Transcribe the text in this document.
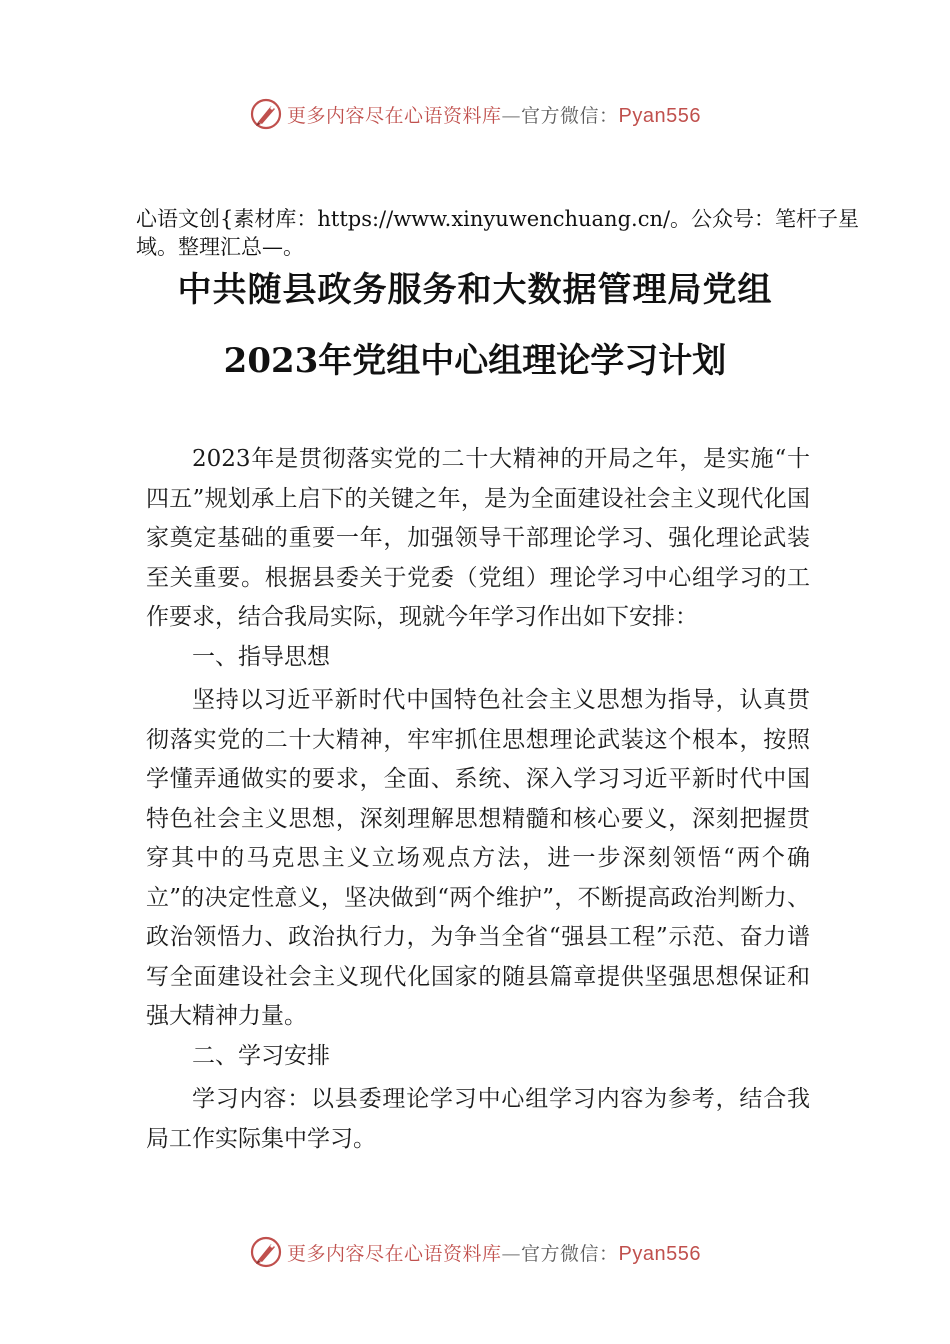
更多内容尽在心语资料库—官方微信：Pyan556
心语文创{素材库：https://www.xinyuwenchuang.cn/。公众号：笔杆子星域。整理汇总—。
中共随县政务服务和大数据管理局党组
2023年党组中心组理论学习计划

2023年是贯彻落实党的二十大精神的开局之年，是实施“十四五”规划承上启下的关键之年，是为全面建设社会主义现代化国家奠定基础的重要一年，加强领导干部理论学习、强化理论武装至关重要。根据县委关于党委（党组）理论学习中心组学习的工作要求，结合我局实际，现就今年学习作出如下安排：

一、指导思想

坚持以习近平新时代中国特色社会主义思想为指导，认真贯彻落实党的二十大精神，牢牢抓住思想理论武装这个根本，按照学懂弄通做实的要求，全面、系统、深入学习习近平新时代中国特色社会主义思想，深刻理解思想精髓和核心要义，深刻把握贯穿其中的马克思主义立场观点方法，进一步深刻领悟“两个确立”的决定性意义，坚决做到“两个维护”，不断提高政治判断力、政治领悟力、政治执行力，为争当全省“强县工程”示范、奋力谱写全面建设社会主义现代化国家的随县篇章提供坚强思想保证和强大精神力量。

二、学习安排

学习内容：以县委理论学习中心组学习内容为参考，结合我局工作实际集中学习。

更多内容尽在心语资料库—官方微信：Pyan556
